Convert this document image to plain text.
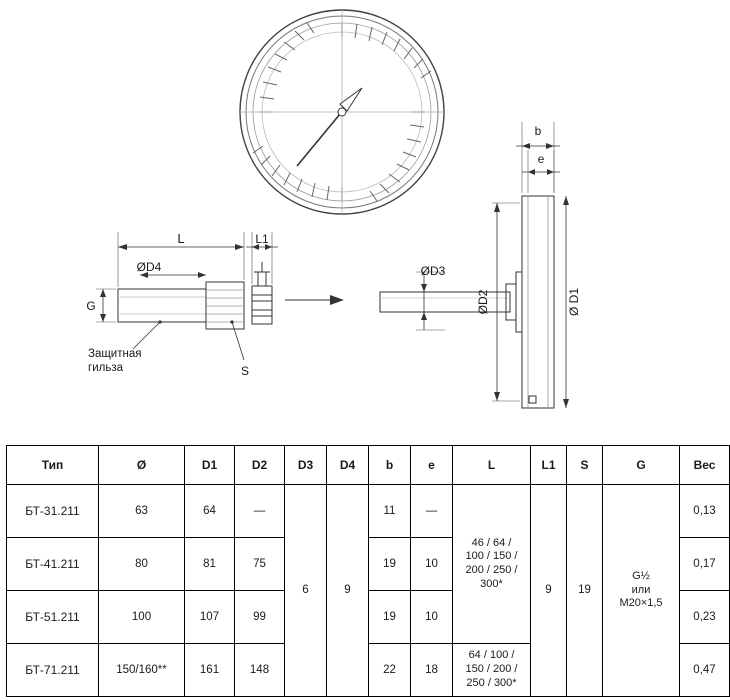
L	L1
ØD4
G
Защитная
гильза	S
b
e
ØD2	Ø D1
ØD3
Тип	Ø	D1	D2	D3	D4	b	e	L	L1	S	G	Вес
БТ-31.211	63	64	—	6	9	11	—	46 / 64 /
100 / 150 /
200 / 250 /
300*	9	19	G½
или
M20×1,5	0,13
БТ-41.211	80	81	75			19	10					0,17
БТ-51.211	100	107	99			19	10					0,23
БТ-71.211	150/160**	161	148			22	18	64 / 100 /
150 / 200 /
250 / 300*				0,47
